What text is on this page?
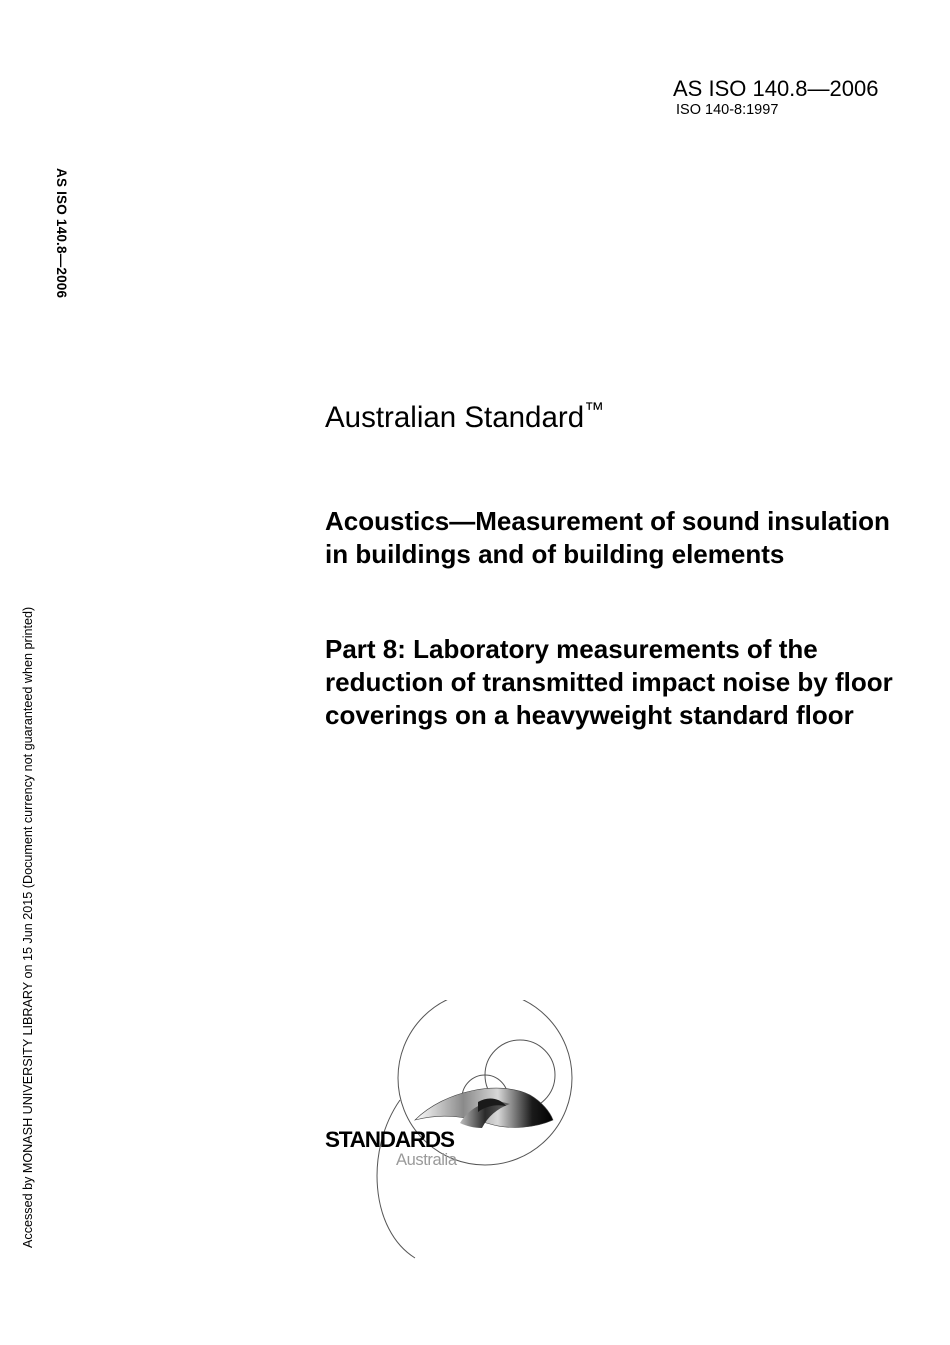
AS ISO 140.8—2006
ISO 140-8:1997
AS ISO 140.8—2006
Accessed by MONASH UNIVERSITY LIBRARY on 15 Jun 2015 (Document currency not guaranteed when printed)
Australian Standard™
Acoustics—Measurement of sound insulation in buildings and of building elements
Part 8: Laboratory measurements of the reduction of transmitted impact noise by floor coverings on a heavyweight standard floor
STANDARDS
Australia
